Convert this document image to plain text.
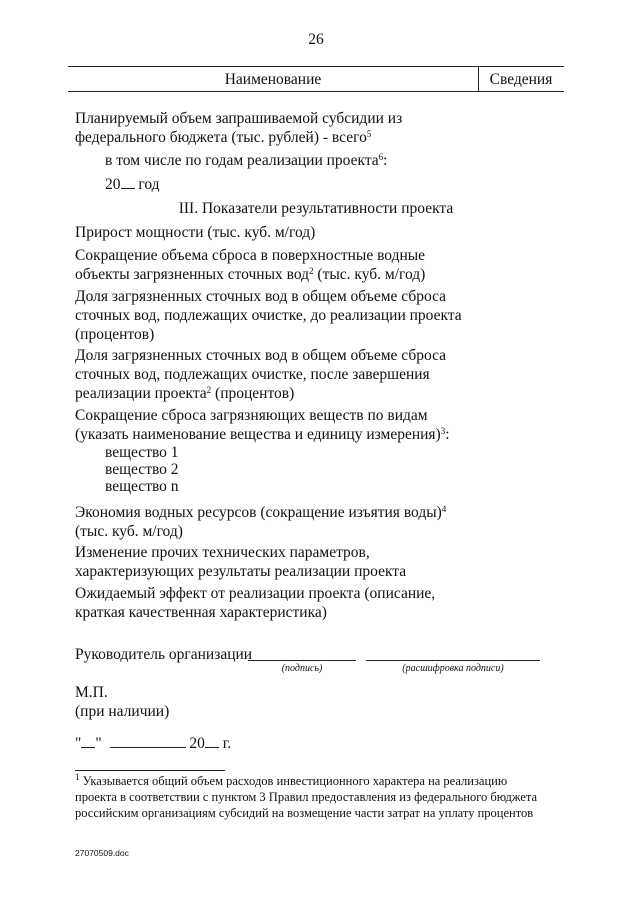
26
Наименование	Сведения
Планируемый объем запрашиваемой субсидии из
федерального бюджета (тыс. рублей) - всего$^5$
в том числе по годам реализации проекта$^6$:
20 год
III. Показатели результативности проекта
Прирост мощности (тыс. куб. м/год)
Сокращение объема сброса в поверхностные водные
объекты загрязненных сточных вод$^2$ (тыс. куб. м/год)
Доля загрязненных сточных вод в общем объеме сброса
сточных вод, подлежащих очистке, до реализации проекта
(процентов)
Доля загрязненных сточных вод в общем объеме сброса
сточных вод, подлежащих очистке, после завершения
реализации проекта$^2$ (процентов)
Сокращение сброса загрязняющих веществ по видам
(указать наименование вещества и единицу измерения)$^3$:
вещество 1
вещество 2
вещество n
Экономия водных ресурсов (сокращение изъятия воды)$^4$
(тыс. куб. м/год)
Изменение прочих технических параметров,
характеризующих результаты реализации проекта
Ожидаемый эффект от реализации проекта (описание,
краткая качественная характеристика)
Руководитель организации
(подпись)	(расшифровка подписи)
М.П.
(при наличии)
" "	20 г.
$^1$ Указывается общий объем расходов инвестиционного характера на реализацию
проекта в соответствии с пунктом 3 Правил предоставления из федерального бюджета
российским организациям субсидий на возмещение части затрат на уплату процентов
27070509.doc
